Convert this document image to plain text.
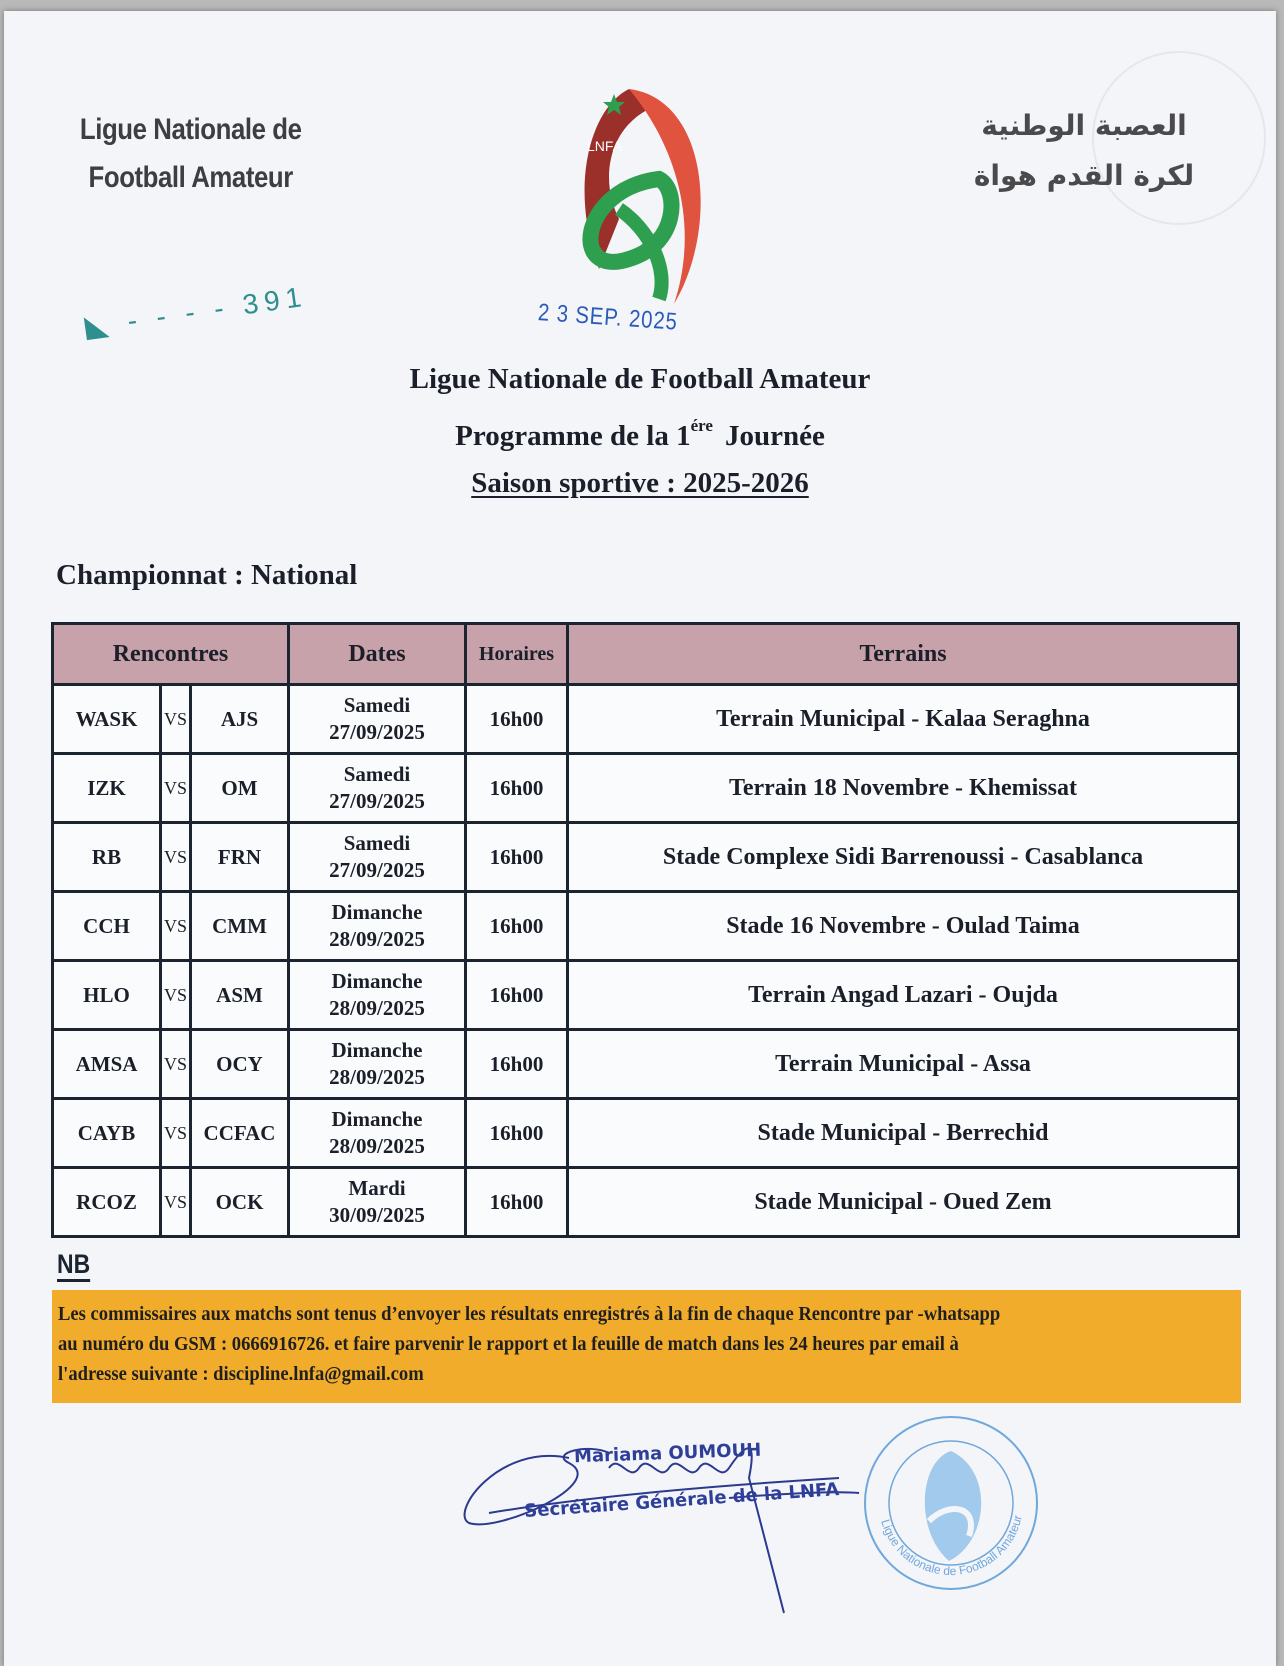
Ligue Nationale de
Football Amateur
العصبة الوطنية
لكرة القدم هواة
LNFA
2 3 SEP. 2025
◣ - - - - 391
Ligue Nationale de Football Amateur
Programme de la $1^{ére}$ Journée
Saison sportive : 2025-2026
Championnat : National
Rencontres			Dates	Horaires	Terrains
WASK	VS	AJS	Samedi
27/09/2025	16h00	Terrain Municipal - Kalaa Seraghna
IZK	VS	OM	Samedi
27/09/2025	16h00	Terrain 18 Novembre - Khemissat
RB	VS	FRN	Samedi
27/09/2025	16h00	Stade Complexe Sidi Barrenoussi - Casablanca
CCH	VS	CMM	Dimanche
28/09/2025	16h00	Stade 16 Novembre - Oulad Taima
HLO	VS	ASM	Dimanche
28/09/2025	16h00	Terrain Angad Lazari - Oujda
AMSA	VS	OCY	Dimanche
28/09/2025	16h00	Terrain Municipal - Assa
CAYB	VS	CCFAC	Dimanche
28/09/2025	16h00	Stade Municipal - Berrechid
RCOZ	VS	OCK	Mardi
30/09/2025	16h00	Stade Municipal - Oued Zem
NB
Les commissaires aux matchs sont tenus d’envoyer les résultats enregistrés à la fin de chaque Rencontre par -whatsapp
au numéro du GSM : 0666916726. et faire parvenir le rapport et la feuille de match dans les 24 heures par email à
l'adresse suivante : discipline.lnfa@gmail.com
Mariama OUMOUH
Secrétaire Générale de la LNFA
Ligue Nationale de Football Amateur
